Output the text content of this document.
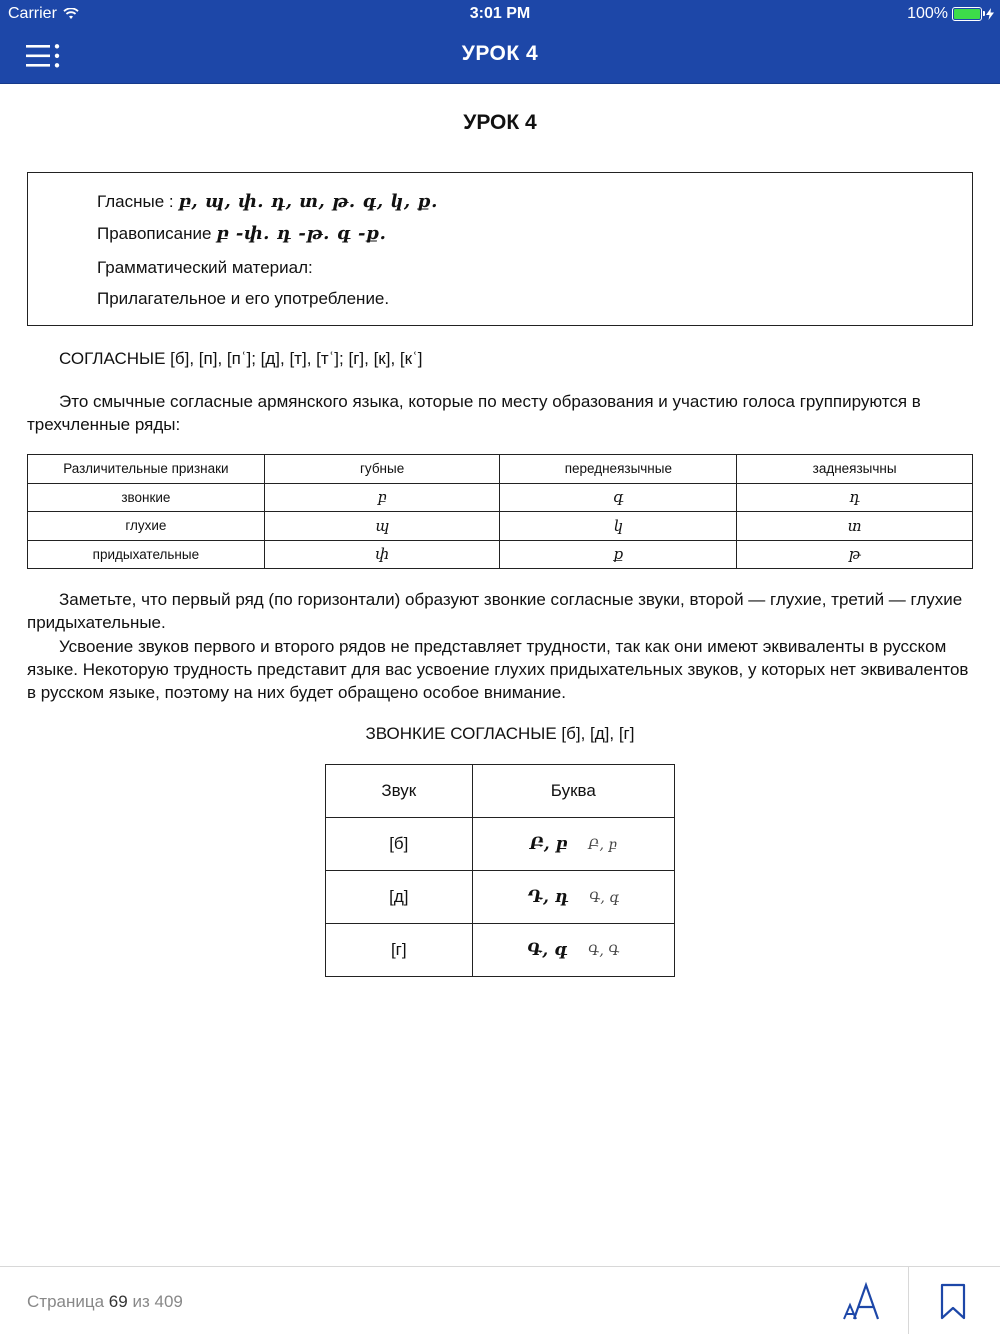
Carrier	3:01 PM	100%
УРОК 4
УРОК 4
Гласные : բ, պ, փ. դ, տ, թ. գ, կ, ք.
Правописание բ -փ. դ -թ. գ -ք.
Грамматический материал:
Прилагательное и его употребление.
СОГЛАСНЫЕ [б], [п], [пʿ]; [д], [т], [тʿ]; [г], [к], [кʿ]
Это смычные согласные армянского языка, которые по месту образования и участию голоса группируются в трехчленные ряды:
Различительные признаки	губные	переднеязычные	заднеязычны
звонкие	բ	գ	դ
глухие	պ	կ	տ
придыхательные	փ	ք	թ
Заметьте, что первый ряд (по горизонтали) образуют звонкие согласные звуки, второй — глухие, третий — глухие придыхательные.
Усвоение звуков первого и второго рядов не представляет трудности, так как они имеют эквиваленты в русском языке. Некоторую трудность представит для вас усвоение глухих придыхательных звуков, у которых нет эквивалентов в русском языке, поэтому на них будет обращено особое внимание.
ЗВОНКИЕ СОГЛАСНЫЕ [б], [д], [г]
Звук	Буква
[б]	Բ, բ Բ, բ
[д]	Դ, դ Գ, գ
[г]	Գ, գ Գ, Գ
Страница 69 из 409
